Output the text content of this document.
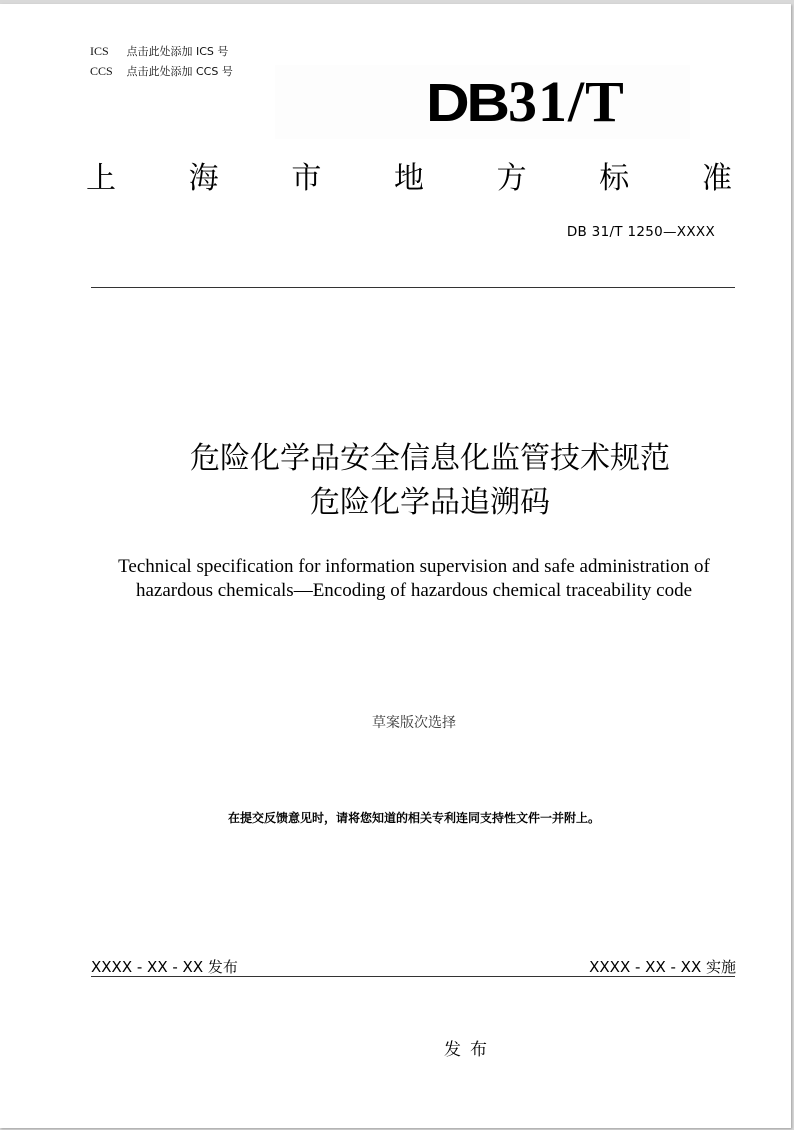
ICS 点击此处添加 ICS 号
CCS 点击此处添加 CCS 号
DB31/T
上 海 市 地 方 标 准
DB 31/T 1250—XXXX
危险化学品安全信息化监管技术规范
危险化学品追溯码
Technical specification for information supervision and safe administration of
hazardous chemicals—Encoding of hazardous chemical traceability code
草案版次选择
在提交反馈意见时，请将您知道的相关专利连同支持性文件一并附上。
XXXX - XX - XX 发布	XXXX - XX - XX 实施
发布
